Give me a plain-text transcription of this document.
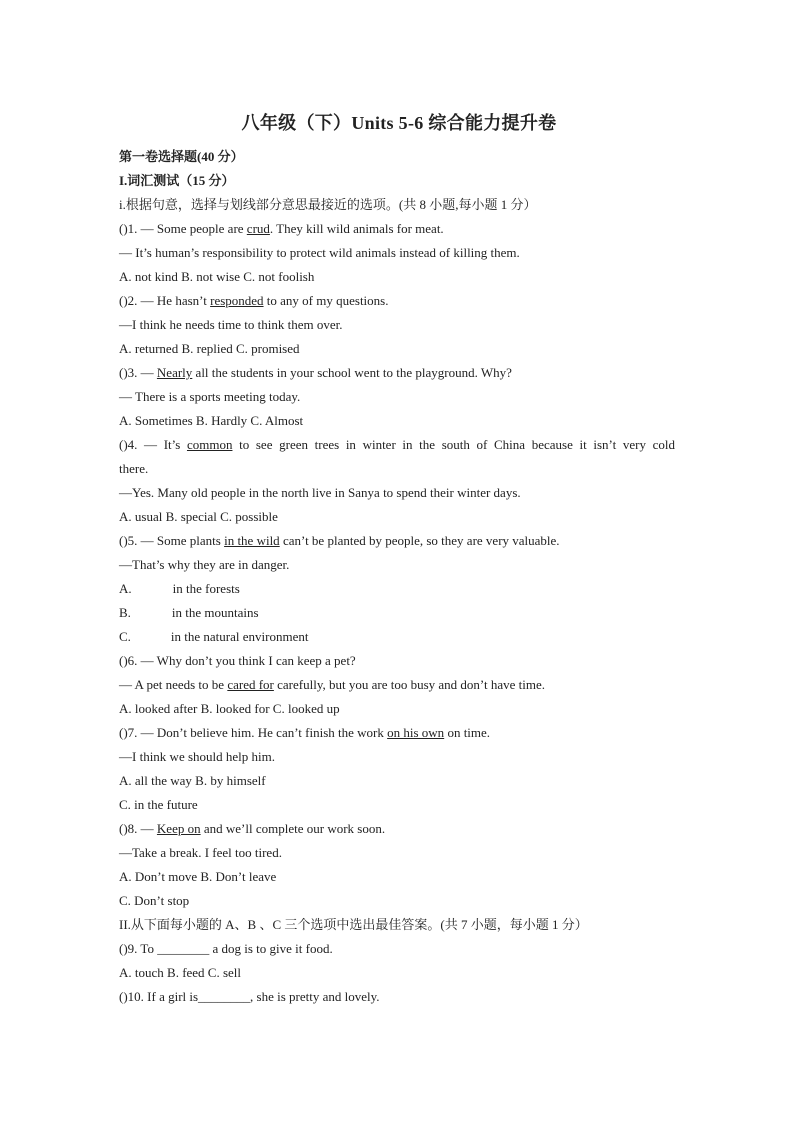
八年级（下）Units 5-6 综合能力提升卷
第一卷选择题(40 分）
I.词汇测试（15 分）
i.根据句意，选择与划线部分意思最接近的选项。(共 8 小题,每小题 1 分）
()1. — Some people are crud. They kill wild animals for meat.
— It’s human’s responsibility to protect wild animals instead of killing them.
A. not kind B. not wise C. not foolish
()2. — He hasn’t responded to any of my questions.
—I think he needs time to think them over.
A. returned B. replied C. promised
()3. — Nearly all the students in your school went to the playground. Why?
— There is a sports meeting today.
A. Sometimes B. Hardly C. Almost
()4. — It’s common to see green trees in winter in the south of China because it isn’t very cold
there.
—Yes. Many old people in the north live in Sanya to spend their winter days.
A. usual B. special C. possible
()5. — Some plants in the wild can’t be planted by people, so they are very valuable.
—That’s why they are in danger.
A.	in the forests
B.	in the mountains
C.	in the natural environment
()6. — Why don’t you think I can keep a pet?
— A pet needs to be cared for carefully, but you are too busy and don’t have time.
A. looked after B. looked for C. looked up
()7. — Don’t believe him. He can’t finish the work on his own on time.
—I think we should help him.
A. all the way B. by himself
C. in the future
()8. — Keep on and we’ll complete our work soon.
—Take a break. I feel too tired.
A. Don’t move B. Don’t leave
C. Don’t stop
II.从下面每小题的 A、B 、C 三个选项中选出最佳答案。(共 7 小题，每小题 1 分）
()9. To ________ a dog is to give it food.
A. touch B. feed C. sell
()10. If a girl is________, she is pretty and lovely.
